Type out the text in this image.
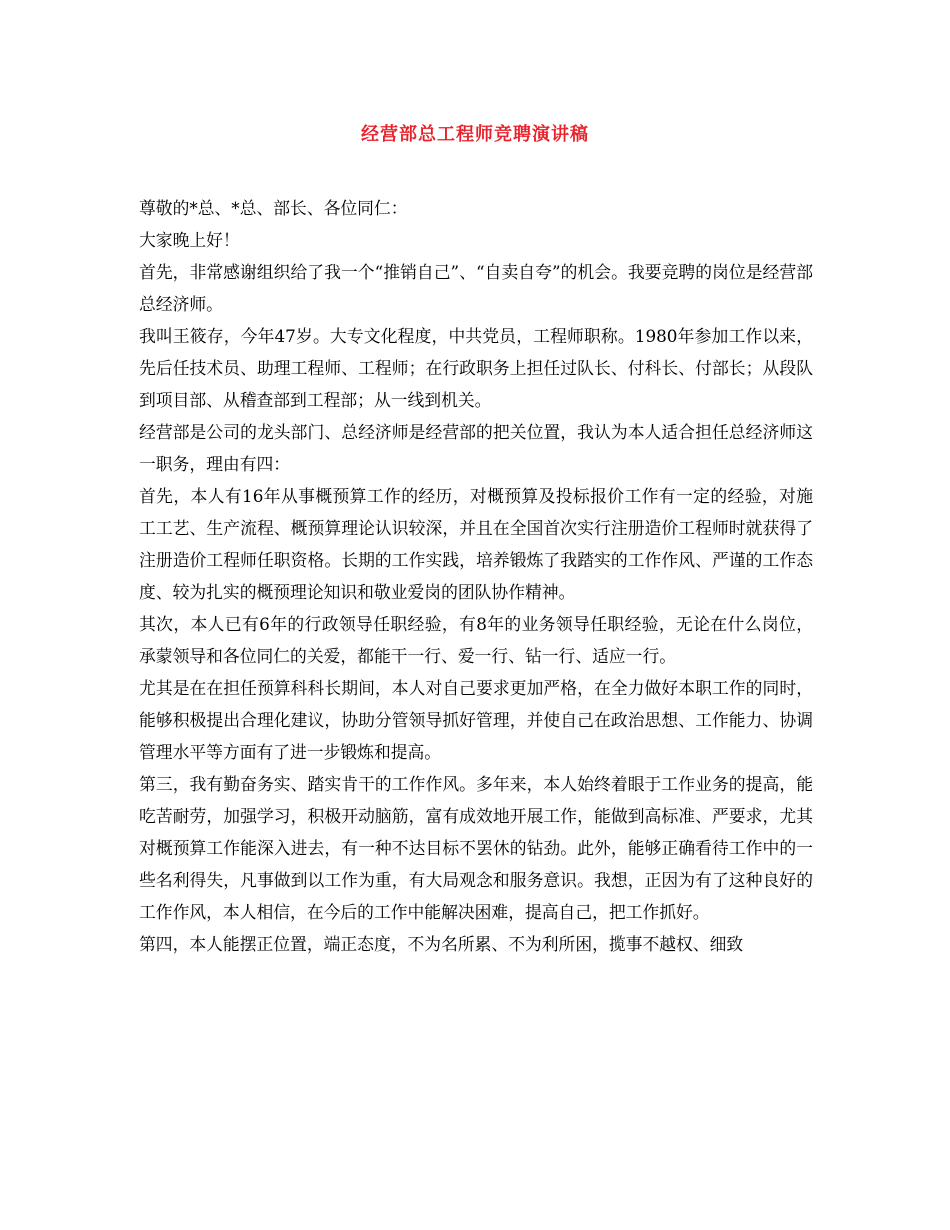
经营部总工程师竞聘演讲稿

尊敬的*总、*总、部长、各位同仁：

大家晚上好！

首先，非常感谢组织给了我一个“推销自己”、“自卖自夸”的机会。我要竞聘的岗位是经营部总经济师。

我叫王筱存，今年47岁。大专文化程度，中共党员，工程师职称。1980年参加工作以来，先后任技术员、助理工程师、工程师；在行政职务上担任过队长、付科长、付部长；从段队到项目部、从稽查部到工程部；从一线到机关。

经营部是公司的龙头部门、总经济师是经营部的把关位置，我认为本人适合担任总经济师这一职务，理由有四：

首先，本人有16年从事概预算工作的经历，对概预算及投标报价工作有一定的经验，对施工工艺、生产流程、概预算理论认识较深，并且在全国首次实行注册造价工程师时就获得了注册造价工程师任职资格。长期的工作实践，培养锻炼了我踏实的工作作风、严谨的工作态度、较为扎实的概预理论知识和敬业爱岗的团队协作精神。

其次，本人已有6年的行政领导任职经验，有8年的业务领导任职经验，无论在什么岗位，承蒙领导和各位同仁的关爱，都能干一行、爱一行、钻一行、适应一行。

尤其是在在担任预算科科长期间，本人对自己要求更加严格，在全力做好本职工作的同时，能够积极提出合理化建议，协助分管领导抓好管理，并使自己在政治思想、工作能力、协调管理水平等方面有了进一步锻炼和提高。

第三，我有勤奋务实、踏实肯干的工作作风。多年来，本人始终着眼于工作业务的提高，能吃苦耐劳，加强学习，积极开动脑筋，富有成效地开展工作，能做到高标准、严要求，尤其对概预算工作能深入进去，有一种不达目标不罢休的钻劲。此外，能够正确看待工作中的一些名利得失，凡事做到以工作为重，有大局观念和服务意识。我想，正因为有了这种良好的工作作风，本人相信，在今后的工作中能解决困难，提高自己，把工作抓好。

第四，本人能摆正位置，端正态度，不为名所累、不为利所困，揽事不越权、细致
